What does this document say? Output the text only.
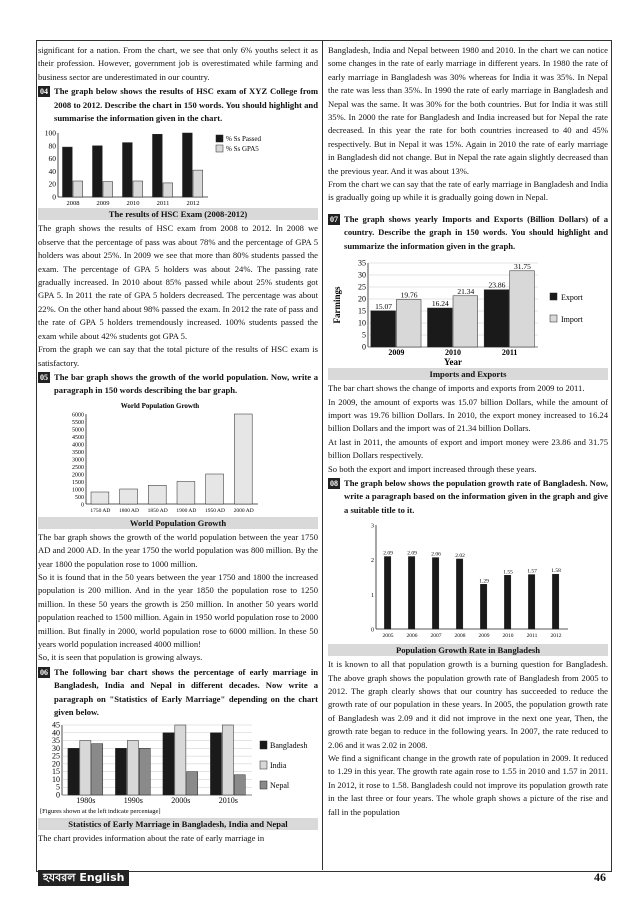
significant for a nation. From the chart, we see that only 6% youths select it as their profession. However, government job is overestimated while farming and business sector are underestimated in our country.

04 The graph below shows the results of HSC exam of XYZ College from 2008 to 2012. Describe the chart in 150 words. You should highlight and summarise the information given in the chart.
0
20
40
60
80
100
2008	2009	2010	2011	2012
% Ss Passed
% Ss GPA5
The results of HSC Exam (2008-2012)

The graph shows the results of HSC exam from 2008 to 2012. In 2008 we observe that the percentage of pass was about 78% and the percentage of GPA 5 holders was about 25%. In 2009 we see that more than 80% students passed the exam. The percentage of GPA 5 holders was about 24%. The passing rate gradually increased. In 2010 about 85% passed while about 25% students got GPA 5. In 2011 the rate of GPA 5 holders decreased. The percentage was about 22%. On the other hand about 98% passed the exam. In 2012 the rate of pass and the rate of GPA 5 holders tremendously increased. 100% students passed the exam while about 42% students got GPA 5.

From the graph we can say that the total picture of the results of HSC exam is satisfactory.

05 The bar graph shows the growth of the world population. Now, write a paragraph in 150 words describing the bar graph.
World Population Growth
0
500
1000
1500
2000
2500
3000
3500
4000
4500
5000
5500
6000
1750 AD 1800 AD 1850 AD 1900 AD 1950 AD 2000 AD
World Population Growth

The bar graph shows the growth of the world population between the year 1750 AD and 2000 AD. In the year 1750 the world population was 800 million. By the year 1800 the population rose to 1000 million.

So it is found that in the 50 years between the year 1750 and 1800 the increased population is 200 million. And in the year 1850 the population rose to 1250 million. In these 50 years the growth is 250 million. In another 50 years world population reached to 1500 million. Again in 1950 world population rose to 2000 million. But finally in 2000, world population rose to 6000 million. In these 50 years world population increased 4000 million!

So, it is seen that population is growing always.

06 The following bar chart shows the percentage of early marriage in Bangladesh, India and Nepal in different decades. Now write a paragraph on "Statistics of Early Marriage" depending on the chart given below.
0
5
10
15
20
25
30
35
40
45
1980s	1990s	2000s	2010s
Bangladesh
India
Nepal
[Figures shown at the left indicate percentage]
Statistics of Early Marriage in Bangladesh, India and Nepal

The chart provides information about the rate of early marriage in

Bangladesh, India and Nepal between 1980 and 2010. In the chart we can notice some changes in the rate of early marriage in different years. In 1980 the rate of early marriage in Bangladesh was 30% whereas for India it was 35%. In Nepal the rate was less than 35%. In 1990 the rate of early marriage in Bangladesh and Nepal was the same. It was 30% for the both countries. But for India it was still 35%. In 2000 the rate for Bangladesh and India increased but for Nepal the rate decreased. In this year the rate for both countries increased to 40 and 45% respectively. But in Nepal it was 15%. Again in 2010 the rate of early marriage in Bangladesh did not change. But in Nepal the rate again slightly decreased than the previous year. And it was about 13%.

From the chart we can say that the rate of early marriage in Bangladesh and India is gradually going up while it is gradually going down in Nepal.

07 The graph shows yearly Imports and Exports (Billion Dollars) of a country. Describe the graph in 150 words. You should highlight and summarize the information given in the graph.
0
5
10
15
20
25
30
35
15.07
19.76
2009
16.24
21.34
2010
23.86
31.75
2011
Export
Import
Farmings
Year
Imports and Exports

The bar chart shows the change of imports and exports from 2009 to 2011.

In 2009, the amount of exports was 15.07 billion Dollars, while the amount of import was 19.76 billion Dollars. In 2010, the export money increased to 16.24 billion Dollars and the import was of 21.34 billion Dollars.

At last in 2011, the amounts of export and import money were 23.86 and 31.75 billion Dollars respectively.

So both the export and import increased through these years.

08 The graph below shows the population growth rate of Bangladesh. Now, write a paragraph based on the information given in the graph and give a suitable title to it.
0
1
2
3
2.09
2005
2.09
2006
2.06
2007
2.02
2008
1.29
2009
1.55
2010
1.57
2011
1.58
2012
Population Growth Rate in Bangladesh

It is known to all that population growth is a burning question for Bangladesh. The above graph shows the population growth rate of Bangladesh from 2005 to 2012. The graph clearly shows that our country has succeeded to reduce the growth rate of our population in these years. In 2005, the population growth rate of Bangladesh was 2.09 and it did not improve in the next one year, Then, the growth rate began to reduce in the following years. In 2007, the rate reduced to 2.06 and it was 2.02 in 2008.

We find a significant change in the growth rate of population in 2009. It reduced to 1.29 in this year. The growth rate again rose to 1.55 in 2010 and 1.57 in 2011. In 2012, it rose to 1.58. Bangladesh could not improve its population growth rate in the last three or four years. The whole graph shows a picture of the rise and fall in the population

হযবরল English	46
